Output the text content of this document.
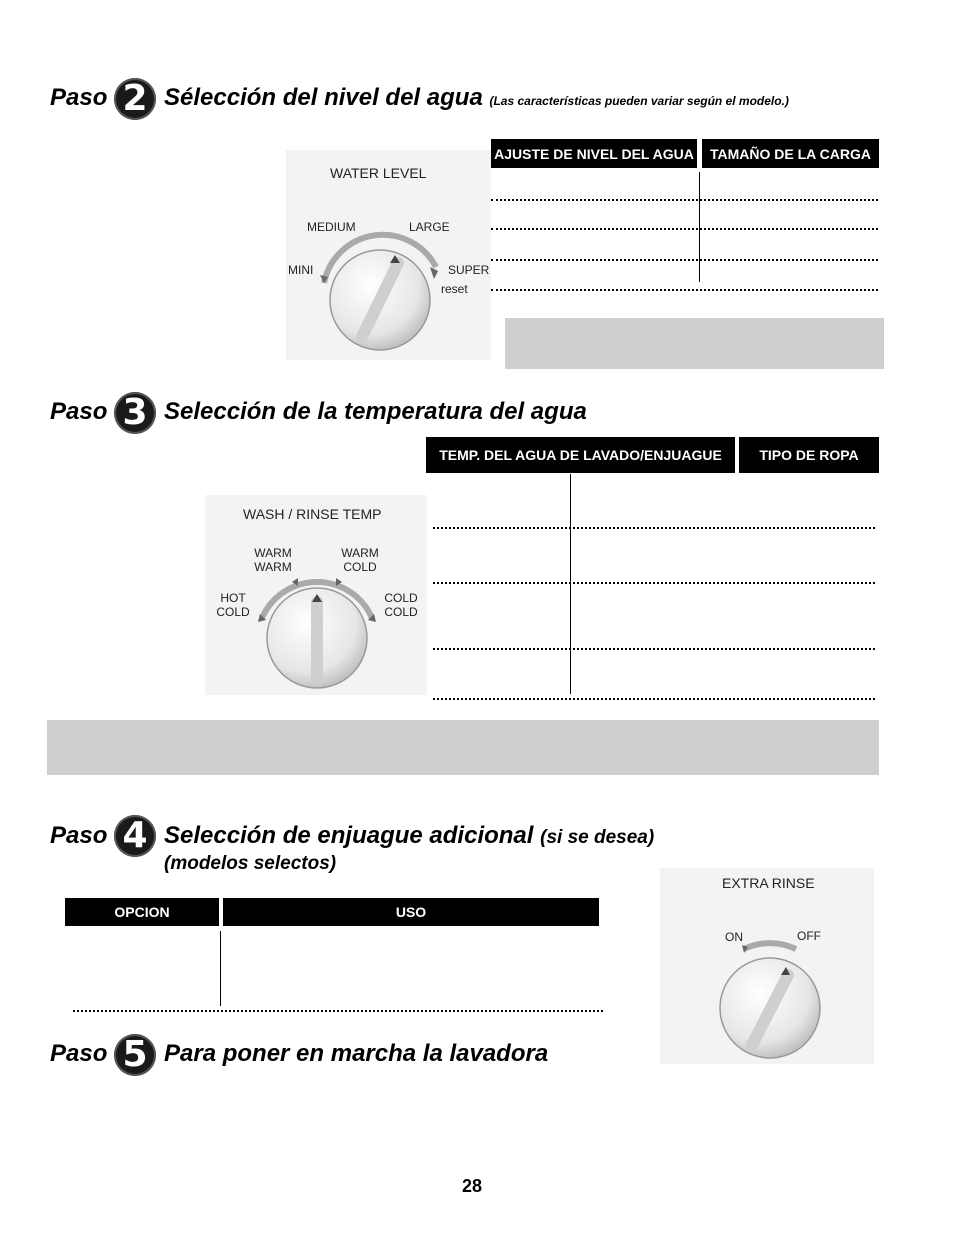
Paso 2 Sélección del nivel del agua (Las características pueden variar según el modelo.)
WATER LEVEL
MEDIUM	LARGE
MINI	SUPER
reset
AJUSTE DE NIVEL DEL AGUA	TAMAÑO DE LA CARGA
Paso 3 Selección de la temperatura del agua
WASH / RINSE TEMP
WARM
WARM
WARM
COLD
HOT
COLD
COLD
COLD
TEMP. DEL AGUA DE LAVADO/ENJUAGUE	TIPO DE ROPA
Paso 4 Selección de enjuague adicional (si se desea)
(modelos selectos)
EXTRA RINSE
ON	OFF
OPCION	USO
Paso 5 Para poner en marcha la lavadora
28
